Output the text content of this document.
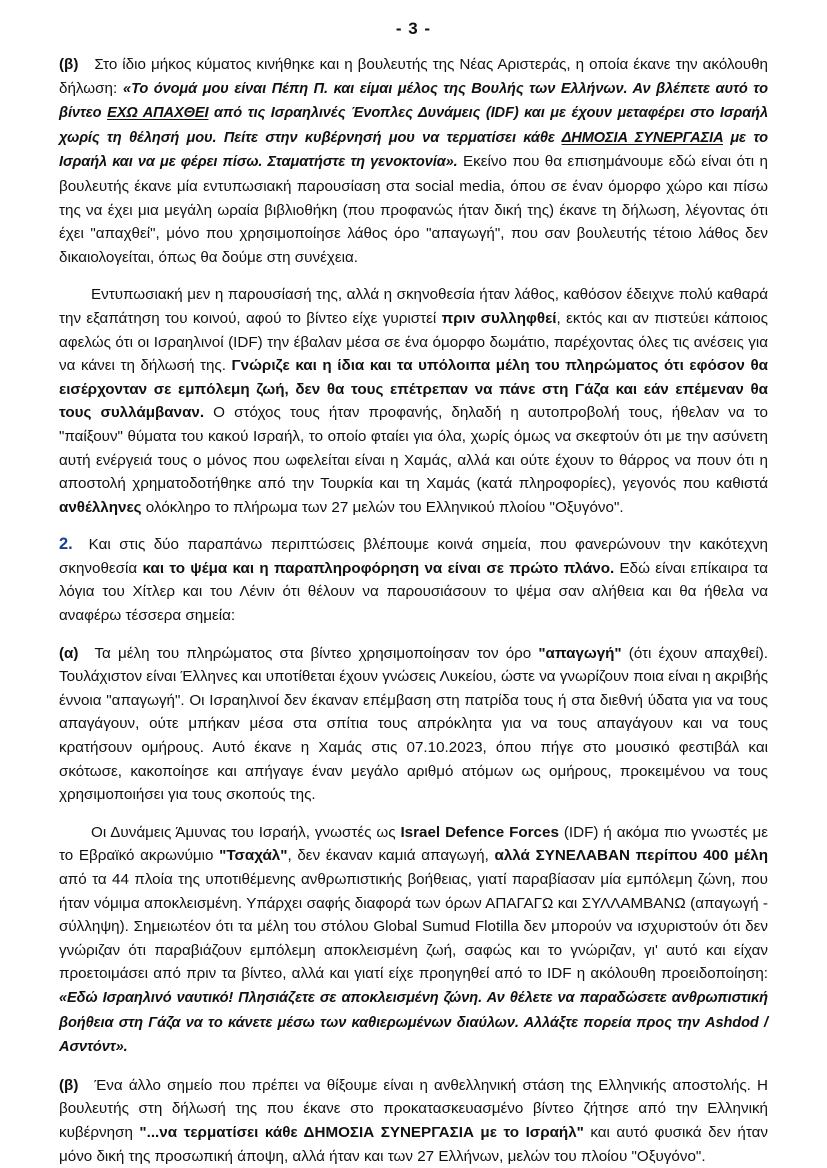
- 3 -

(β) Στο ίδιο μήκος κύματος κινήθηκε και η βουλευτής της Νέας Αριστεράς, η οποία έκανε την ακόλουθη δήλωση: «Το όνομά μου είναι Πέπη Π. και είμαι μέλος της Βουλής των Ελλήνων. Αν βλέπετε αυτό το βίντεο ΕΧΩ ΑΠΑΧΘΕΙ από τις Ισραηλινές Ένοπλες Δυνάμεις (IDF) και με έχουν μεταφέρει στο Ισραήλ χωρίς τη θέλησή μου. Πείτε στην κυβέρνησή μου να τερματίσει κάθε ΔΗΜΟΣΙΑ ΣΥΝΕΡΓΑΣΙΑ με το Ισραήλ και να με φέρει πίσω. Σταματήστε τη γενοκτονία». Εκείνο που θα επισημάνουμε εδώ είναι ότι η βουλευτής έκανε μία εντυπωσιακή παρουσίαση στα social media, όπου σε έναν όμορφο χώρο και πίσω της να έχει μια μεγάλη ωραία βιβλιοθήκη (που προφανώς ήταν δική της) έκανε τη δήλωση, λέγοντας ότι έχει "απαχθεί", μόνο που χρησιμοποίησε λάθος όρο "απαγωγή", που σαν βουλευτής τέτοιο λάθος δεν δικαιολογείται, όπως θα δούμε στη συνέχεια.

Εντυπωσιακή μεν η παρουσίασή της, αλλά η σκηνοθεσία ήταν λάθος, καθόσον έδειχνε πολύ καθαρά την εξαπάτηση του κοινού, αφού το βίντεο είχε γυριστεί πριν συλληφθεί, εκτός και αν πιστεύει κάποιος αφελώς ότι οι Ισραηλινοί (IDF) την έβαλαν μέσα σε ένα όμορφο δωμάτιο, παρέχοντας όλες τις ανέσεις για να κάνει τη δήλωσή της. Γνώριζε και η ίδια και τα υπόλοιπα μέλη του πληρώματος ότι εφόσον θα εισέρχονταν σε εμπόλεμη ζωή, δεν θα τους επέτρεπαν να πάνε στη Γάζα και εάν επέμεναν θα τους συλλάμβαναν. Ο στόχος τους ήταν προφανής, δηλαδή η αυτοπροβολή τους, ήθελαν να το "παίξουν" θύματα του κακού Ισραήλ, το οποίο φταίει για όλα, χωρίς όμως να σκεφτούν ότι με την ασύνετη αυτή ενέργειά τους ο μόνος που ωφελείται είναι η Χαμάς, αλλά και ούτε έχουν το θάρρος να πουν ότι η αποστολή χρηματοδοτήθηκε από την Τουρκία και τη Χαμάς (κατά πληροφορίες), γεγονός που καθιστά ανθέλληνες ολόκληρο το πλήρωμα των 27 μελών του Ελληνικού πλοίου "Οξυγόνο".

2. Και στις δύο παραπάνω περιπτώσεις βλέπουμε κοινά σημεία, που φανερώνουν την κακότεχνη σκηνοθεσία και το ψέμα και η παραπληροφόρηση να είναι σε πρώτο πλάνο. Εδώ είναι επίκαιρα τα λόγια του Χίτλερ και του Λένιν ότι θέλουν να παρουσιάσουν το ψέμα σαν αλήθεια και θα ήθελα να αναφέρω τέσσερα σημεία:

(α) Τα μέλη του πληρώματος στα βίντεο χρησιμοποίησαν τον όρο "απαγωγή" (ότι έχουν απαχθεί). Τουλάχιστον είναι Έλληνες και υποτίθεται έχουν γνώσεις Λυκείου, ώστε να γνωρίζουν ποια είναι η ακριβής έννοια "απαγωγή". Οι Ισραηλινοί δεν έκαναν επέμβαση στη πατρίδα τους ή στα διεθνή ύδατα για να τους απαγάγουν, ούτε μπήκαν μέσα στα σπίτια τους απρόκλητα για να τους απαγάγουν και να τους κρατήσουν ομήρους. Αυτό έκανε η Χαμάς στις 07.10.2023, όπου πήγε στο μουσικό φεστιβάλ και σκότωσε, κακοποίησε και απήγαγε έναν μεγάλο αριθμό ατόμων ως ομήρους, προκειμένου να τους χρησιμοποιήσει για τους σκοπούς της.

Οι Δυνάμεις Άμυνας του Ισραήλ, γνωστές ως Israel Defence Forces (IDF) ή ακόμα πιο γνωστές με το Εβραϊκό ακρωνύμιο "Τσαχάλ", δεν έκαναν καμιά απαγωγή, αλλά ΣΥΝΕΛΑΒΑΝ περίπου 400 μέλη από τα 44 πλοία της υποτιθέμενης ανθρωπιστικής βοήθειας, γιατί παραβίασαν μία εμπόλεμη ζώνη, που ήταν νόμιμα αποκλεισμένη. Υπάρχει σαφής διαφορά των όρων ΑΠΑΓΑΓΩ και ΣΥΛΛΑΜΒΑΝΩ (απαγωγή - σύλληψη). Σημειωτέον ότι τα μέλη του στόλου Global Sumud Flotilla δεν μπορούν να ισχυριστούν ότι δεν γνώριζαν ότι παραβιάζουν εμπόλεμη αποκλεισμένη ζωή, σαφώς και το γνώριζαν, γι' αυτό και είχαν προετοιμάσει από πριν τα βίντεο, αλλά και γιατί είχε προηγηθεί από το IDF η ακόλουθη προειδοποίηση: «Εδώ Ισραηλινό ναυτικό! Πλησιάζετε σε αποκλεισμένη ζώνη. Αν θέλετε να παραδώσετε ανθρωπιστική βοήθεια στη Γάζα να το κάνετε μέσω των καθιερωμένων διαύλων. Αλλάξτε πορεία προς την Ashdod /Ασντόντ».

(β) Ένα άλλο σημείο που πρέπει να θίξουμε είναι η ανθελληνική στάση της Ελληνικής αποστολής. Η βουλευτής στη δήλωσή της που έκανε στο προκατασκευασμένο βίντεο ζήτησε από την Ελληνική κυβέρνηση "...να τερματίσει κάθε ΔΗΜΟΣΙΑ ΣΥΝΕΡΓΑΣΙΑ με το Ισραήλ" και αυτό φυσικά δεν ήταν μόνο δική της προσωπική άποψη, αλλά ήταν και των 27 Ελλήνων, μελών του πλοίου "Οξυγόνο".
